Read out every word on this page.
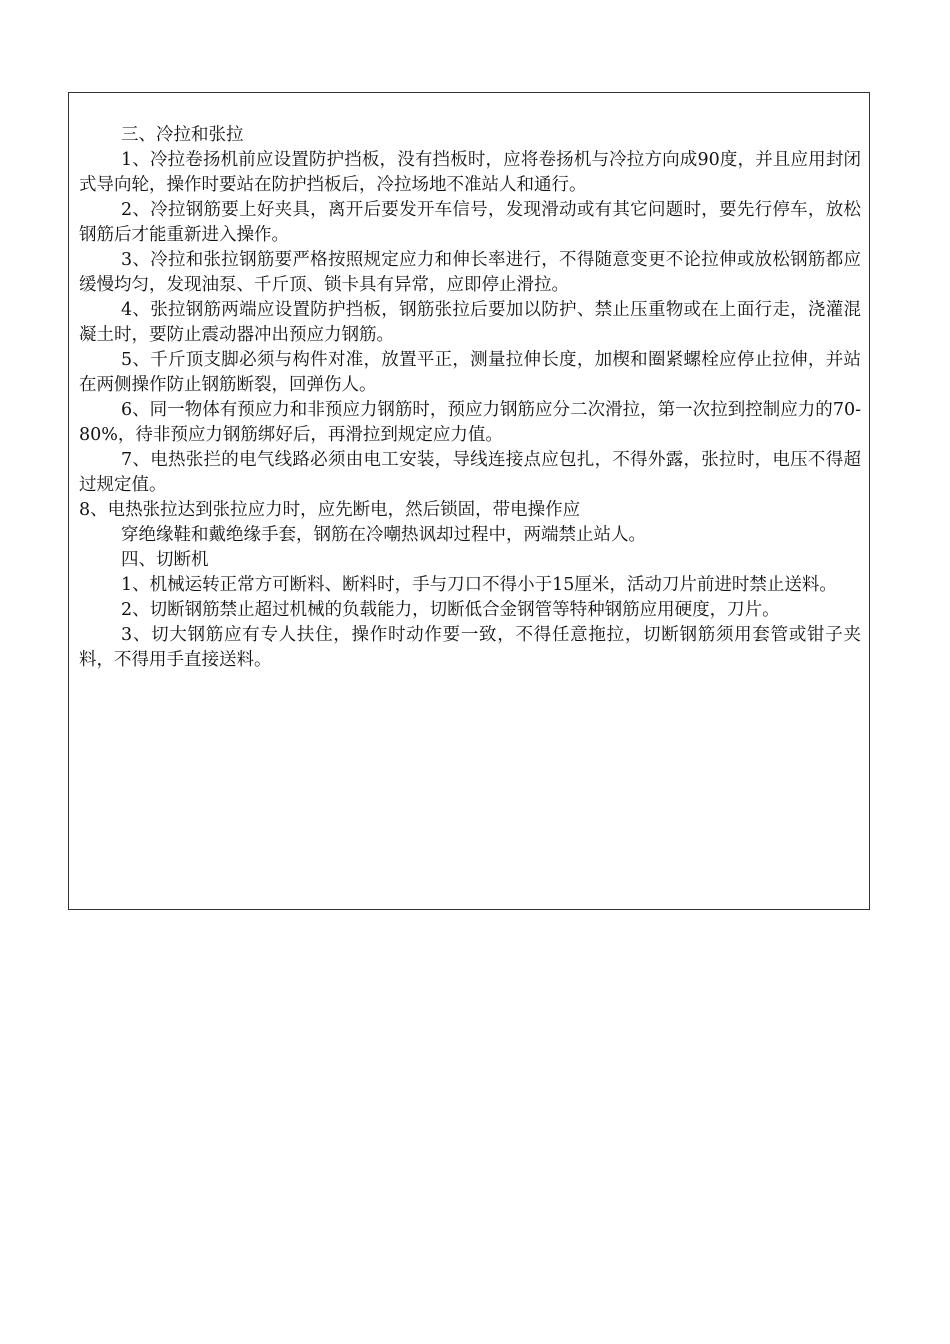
三、冷拉和张拉

1、冷拉卷扬机前应设置防护挡板，没有挡板时，应将卷扬机与冷拉方向成90度，并且应用封闭式导向轮，操作时要站在防护挡板后，冷拉场地不准站人和通行。

2、冷拉钢筋要上好夹具，离开后要发开车信号，发现滑动或有其它问题时，要先行停车，放松钢筋后才能重新进入操作。

3、冷拉和张拉钢筋要严格按照规定应力和伸长率进行，不得随意变更不论拉伸或放松钢筋都应缓慢均匀，发现油泵、千斤顶、锁卡具有异常，应即停止滑拉。

4、张拉钢筋两端应设置防护挡板，钢筋张拉后要加以防护、禁止压重物或在上面行走，浇灌混凝土时，要防止震动器冲出预应力钢筋。

5、千斤顶支脚必须与构件对准，放置平正，测量拉伸长度，加楔和圈紧螺栓应停止拉伸，并站在两侧操作防止钢筋断裂，回弹伤人。

6、同一物体有预应力和非预应力钢筋时，预应力钢筋应分二次滑拉，第一次拉到控制应力的70-80%，待非预应力钢筋绑好后，再滑拉到规定应力值。

7、电热张拦的电气线路必须由电工安装，导线连接点应包扎，不得外露，张拉时，电压不得超过规定值。

8、电热张拉达到张拉应力时，应先断电，然后锁固，带电操作应

穿绝缘鞋和戴绝缘手套，钢筋在冷嘲热讽却过程中，两端禁止站人。

四、切断机

1、机械运转正常方可断料、断料时，手与刀口不得小于15厘米，活动刀片前进时禁止送料。

2、切断钢筋禁止超过机械的负载能力，切断低合金钢管等特种钢筋应用硬度，刀片。

3、切大钢筋应有专人扶住，操作时动作要一致，不得任意拖拉，切断钢筋须用套管或钳子夹料，不得用手直接送料。
